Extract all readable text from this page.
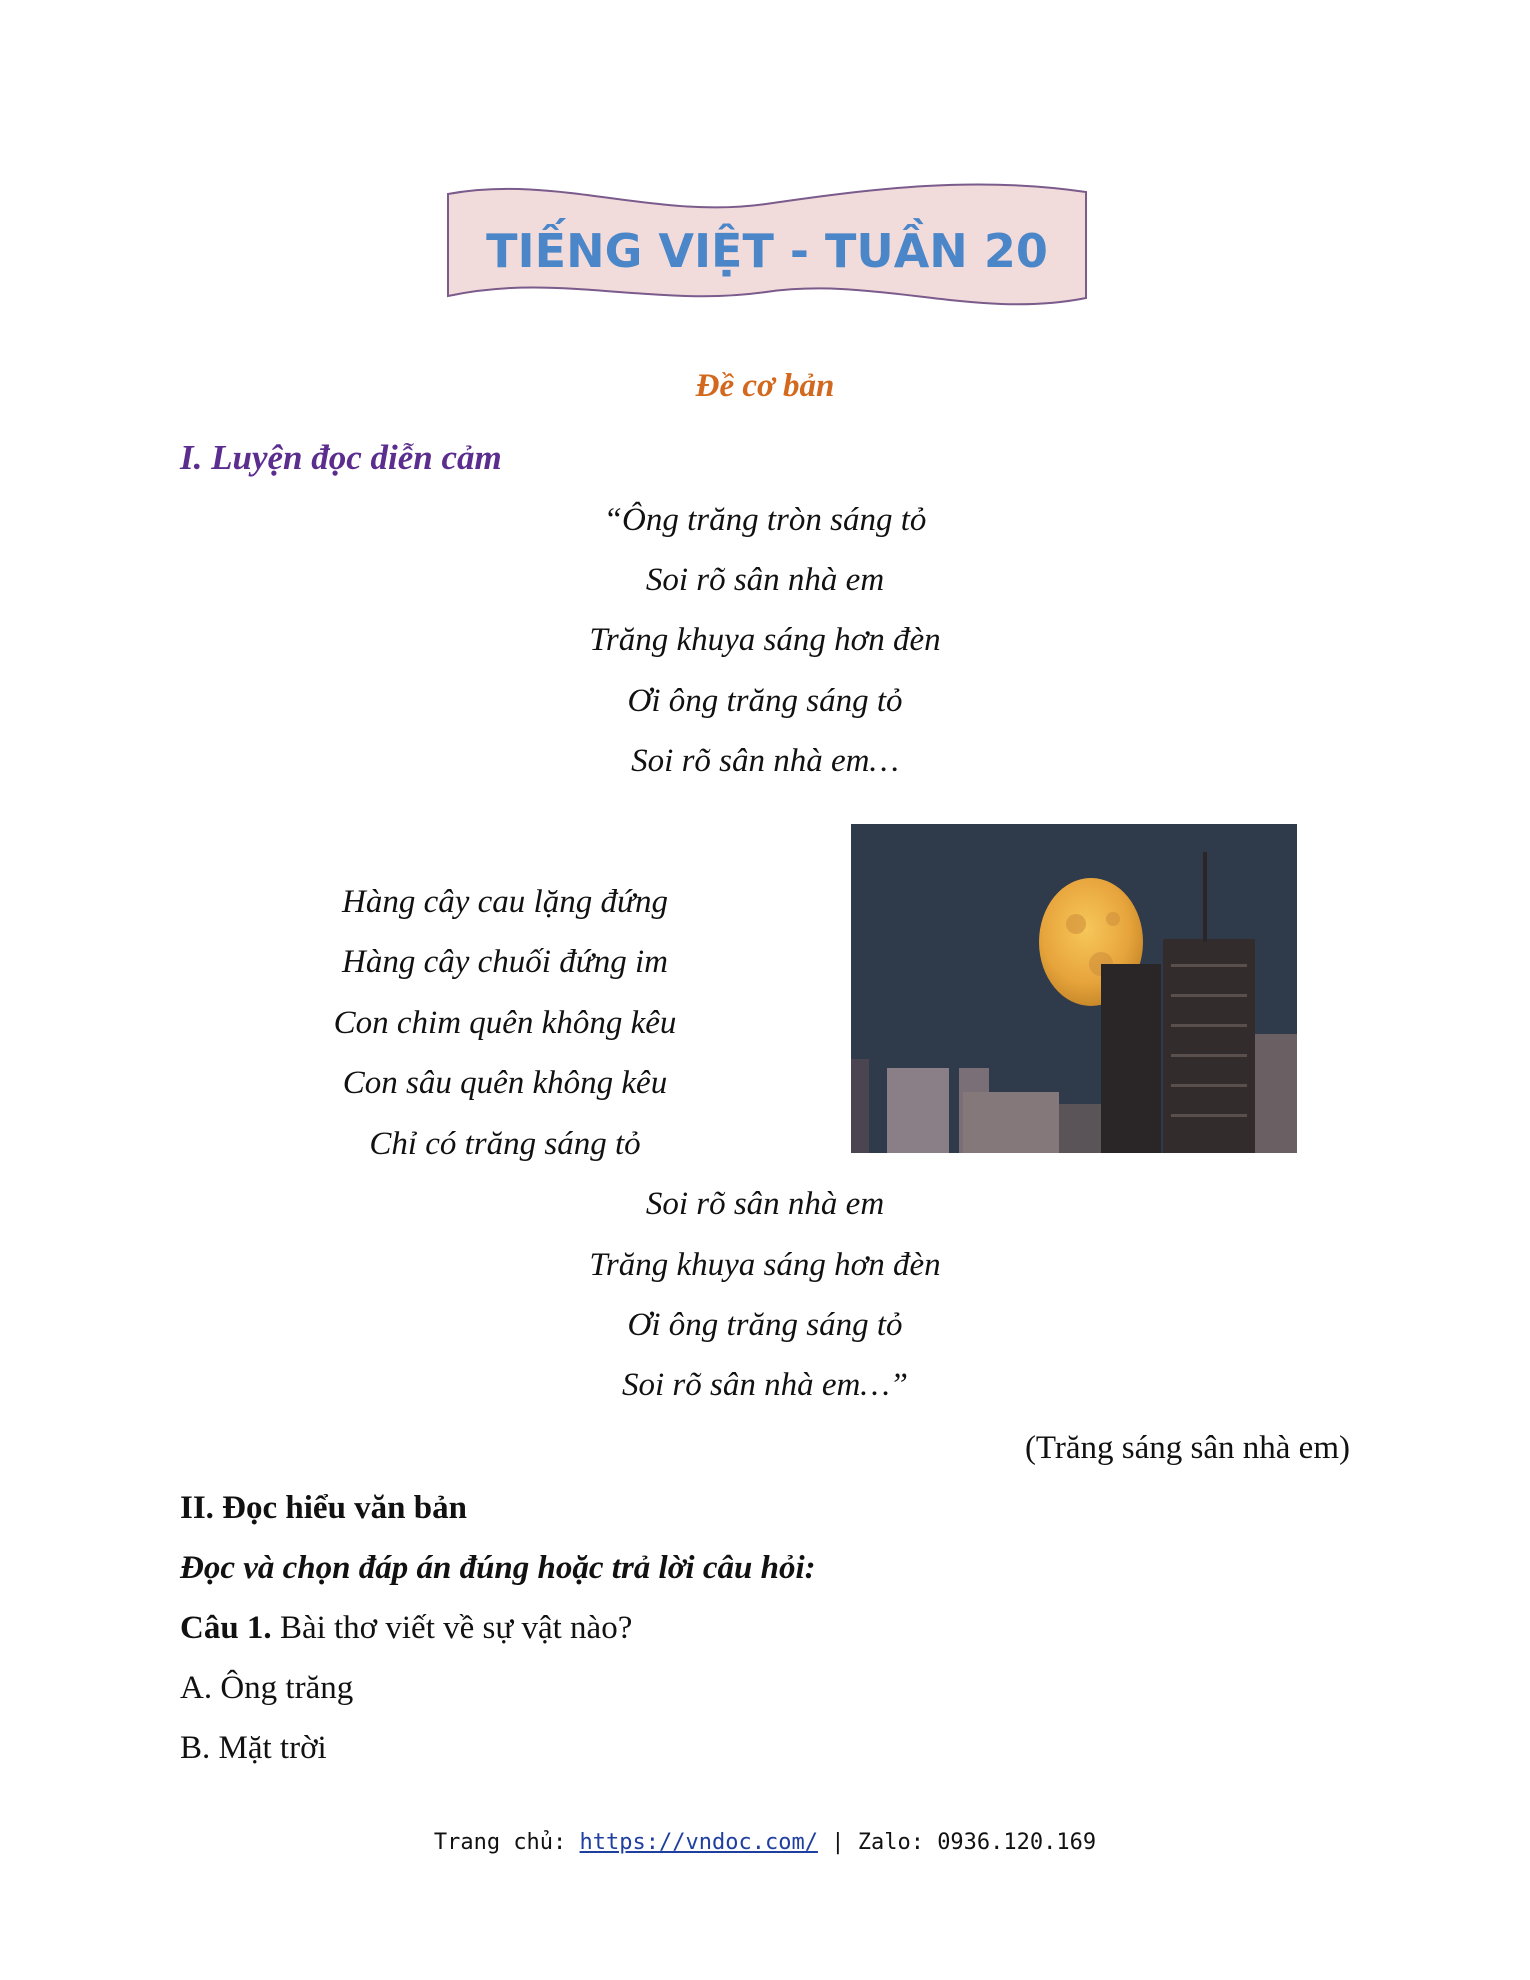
TIẾNG VIỆT - TUẦN 20
Đề cơ bản
I. Luyện đọc diễn cảm
“Ông trăng tròn sáng tỏ
Soi rõ sân nhà em
Trăng khuya sáng hơn đèn
Ơi ông trăng sáng tỏ
Soi rõ sân nhà em…
Hàng cây cau lặng đứng
Hàng cây chuối đứng im
Con chim quên không kêu
Con sâu quên không kêu
Chỉ có trăng sáng tỏ
Soi rõ sân nhà em
Trăng khuya sáng hơn đèn
Ơi ông trăng sáng tỏ
Soi rõ sân nhà em…”
(Trăng sáng sân nhà em)
II. Đọc hiểu văn bản
Đọc và chọn đáp án đúng hoặc trả lời câu hỏi:
Câu 1. Bài thơ viết về sự vật nào?
A. Ông trăng
B. Mặt trời
Trang chủ: https://vndoc.com/ | Zalo: 0936.120.169
